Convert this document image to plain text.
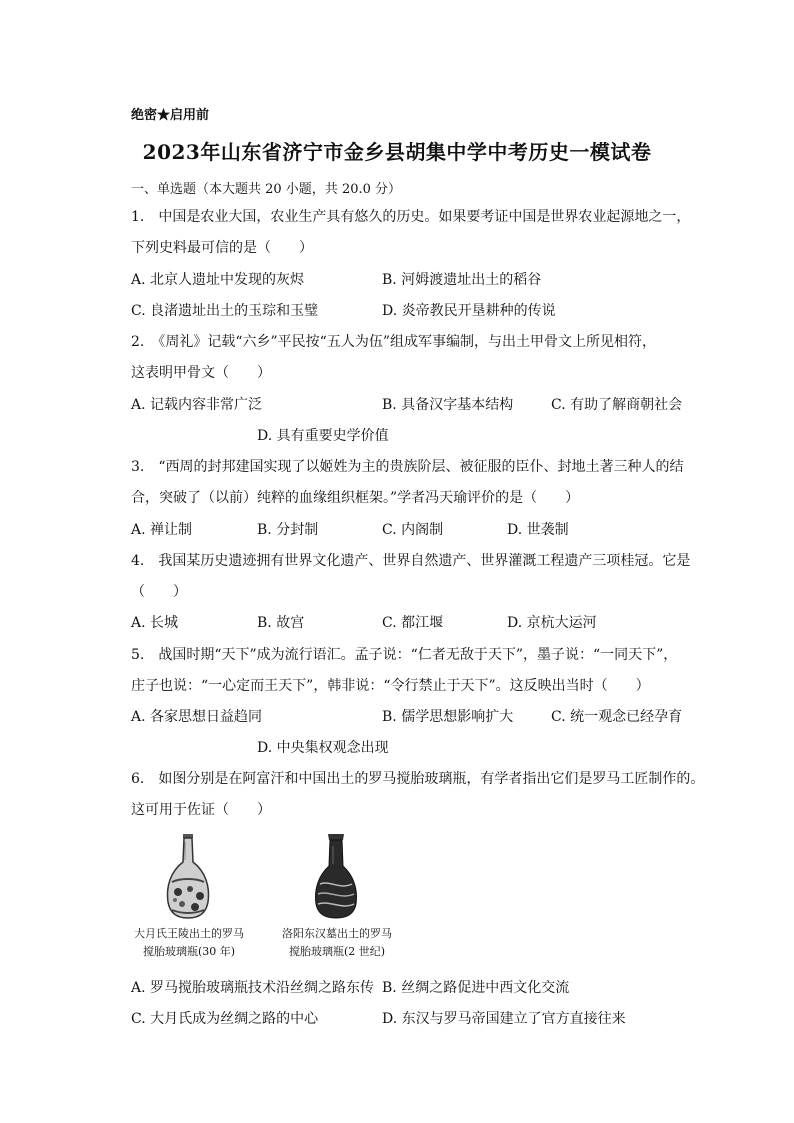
绝密★启用前
2023年山东省济宁市金乡县胡集中学中考历史一模试卷
一、单选题（本大题共 20 小题，共 20.0 分）
1.　中国是农业大国，农业生产具有悠久的历史。如果要考证中国是世界农业起源地之一，
下列史料最可信的是（　　）
A. 北京人遗址中发现的灰烬	B. 河姆渡遗址出土的稻谷
C. 良渚遗址出土的玉琮和玉璧	D. 炎帝教民开垦耕种的传说
2.　《周礼》记载“六乡”平民按“五人为伍”组成军事编制，与出土甲骨文上所见相符，
这表明甲骨文（　　）
A. 记载内容非常广泛	B. 具备汉字基本结构	C. 有助了解商朝社会
D. 具有重要史学价值
3.　“西周的封邦建国实现了以姬姓为主的贵族阶层、被征服的臣仆、封地土著三种人的结
合，突破了（以前）纯粹的血缘组织框架。”学者冯天瑜评价的是（　　）
A. 禅让制	B. 分封制	C. 内阁制	D. 世袭制
4.　我国某历史遗迹拥有世界文化遗产、世界自然遗产、世界灌溉工程遗产三项桂冠。它是
（　　）
A. 长城	B. 故宫	C. 都江堰	D. 京杭大运河
5.　战国时期“天下”成为流行语汇。孟子说：“仁者无敌于天下”，墨子说：“一同天下”，
庄子也说：“一心定而王天下”，韩非说：“令行禁止于天下”。这反映出当时（　　）
A. 各家思想日益趋同	B. 儒学思想影响扩大	C. 统一观念已经孕育
D. 中央集权观念出现
6.　如图分别是在阿富汗和中国出土的罗马搅胎玻璃瓶，有学者指出它们是罗马工匠制作的。
这可用于佐证（　　）
大月氏王陵出土的罗马
搅胎玻璃瓶(30 年)
洛阳东汉墓出土的罗马
搅胎玻璃瓶(2 世纪)
A. 罗马搅胎玻璃瓶技术沿丝绸之路东传 B. 丝绸之路促进中西文化交流
C. 大月氏成为丝绸之路的中心	D. 东汉与罗马帝国建立了官方直接往来
